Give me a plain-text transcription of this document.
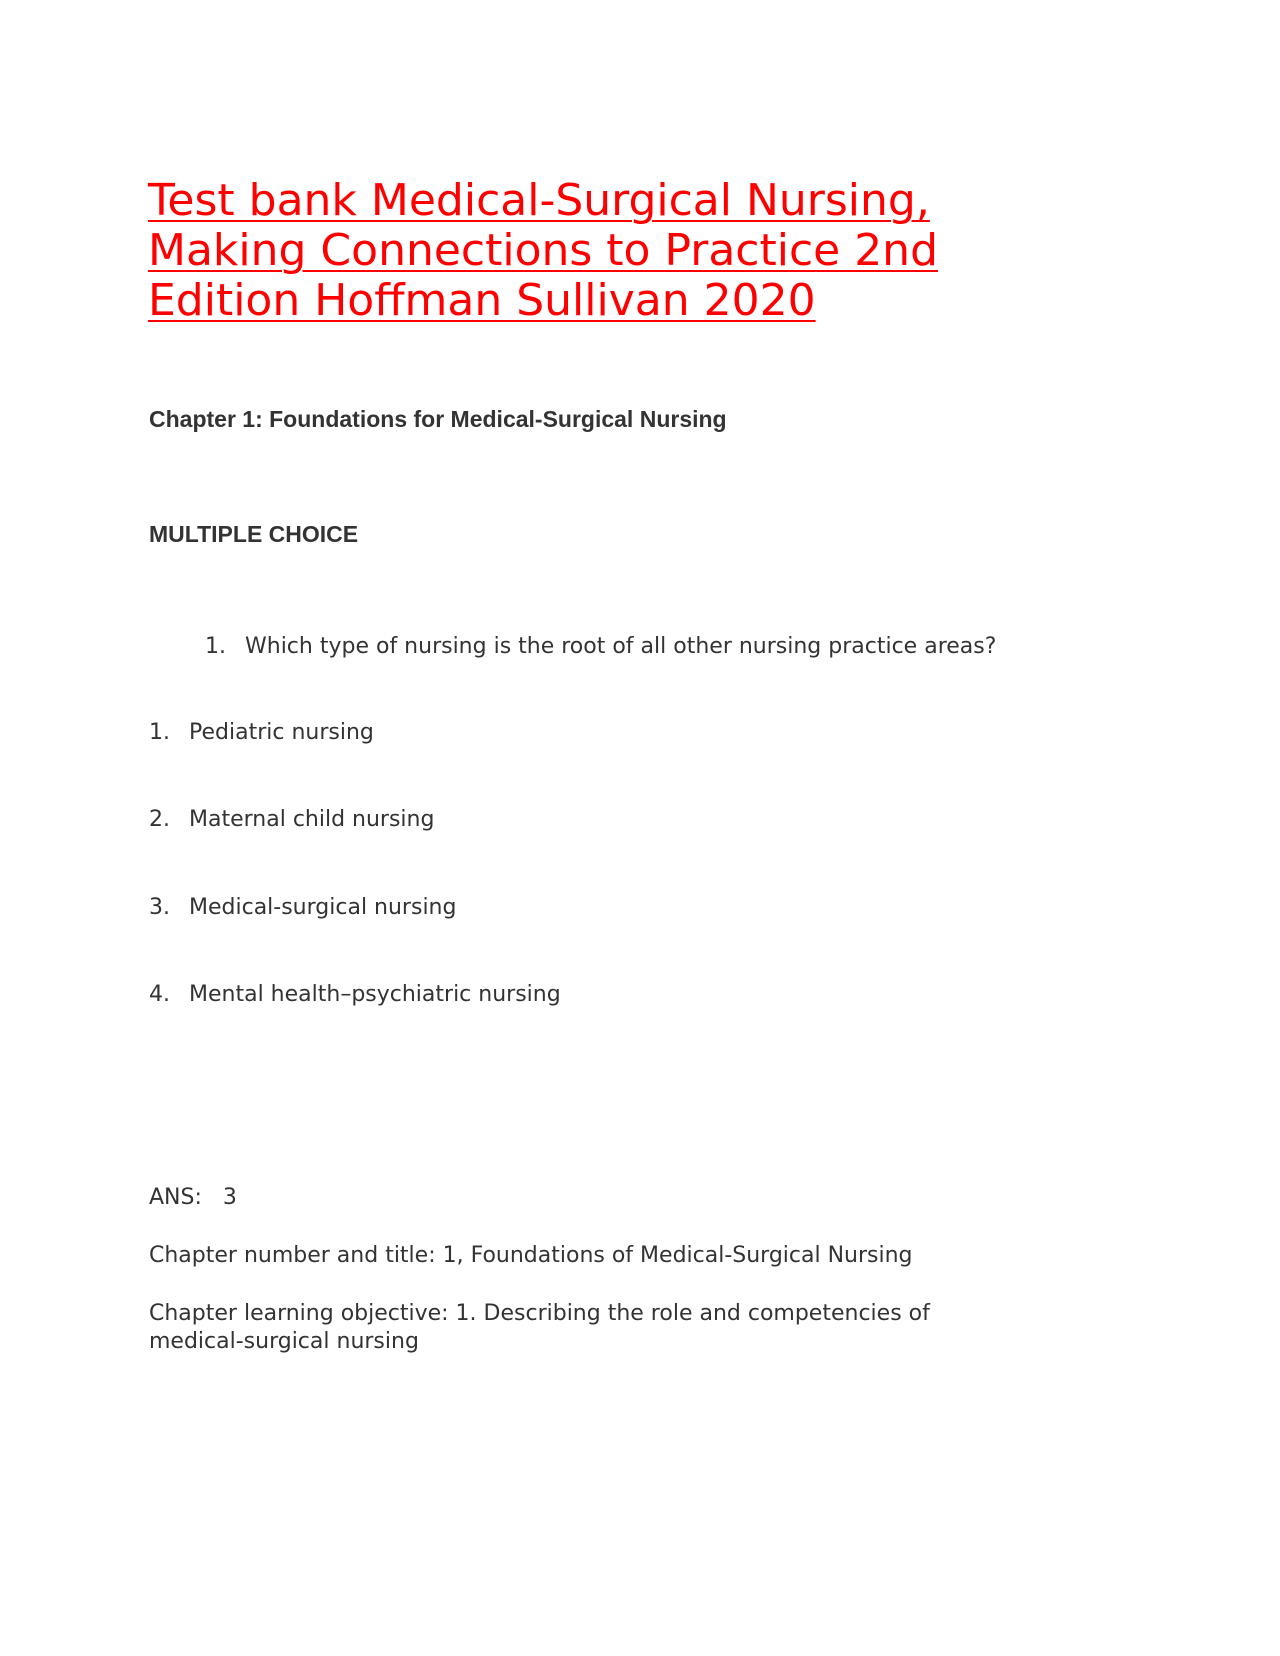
Test bank Medical-Surgical Nursing, Making Connections to Practice 2nd Edition Hoffman Sullivan 2020
Chapter 1: Foundations for Medical-Surgical Nursing
MULTIPLE CHOICE
1. Which type of nursing is the root of all other nursing practice areas?
1. Pediatric nursing
2. Maternal child nursing
3. Medical-surgical nursing
4. Mental health–psychiatric nursing
ANS:   3
Chapter number and title: 1, Foundations of Medical-Surgical Nursing
Chapter learning objective: 1. Describing the role and competencies of
medical-surgical nursing
